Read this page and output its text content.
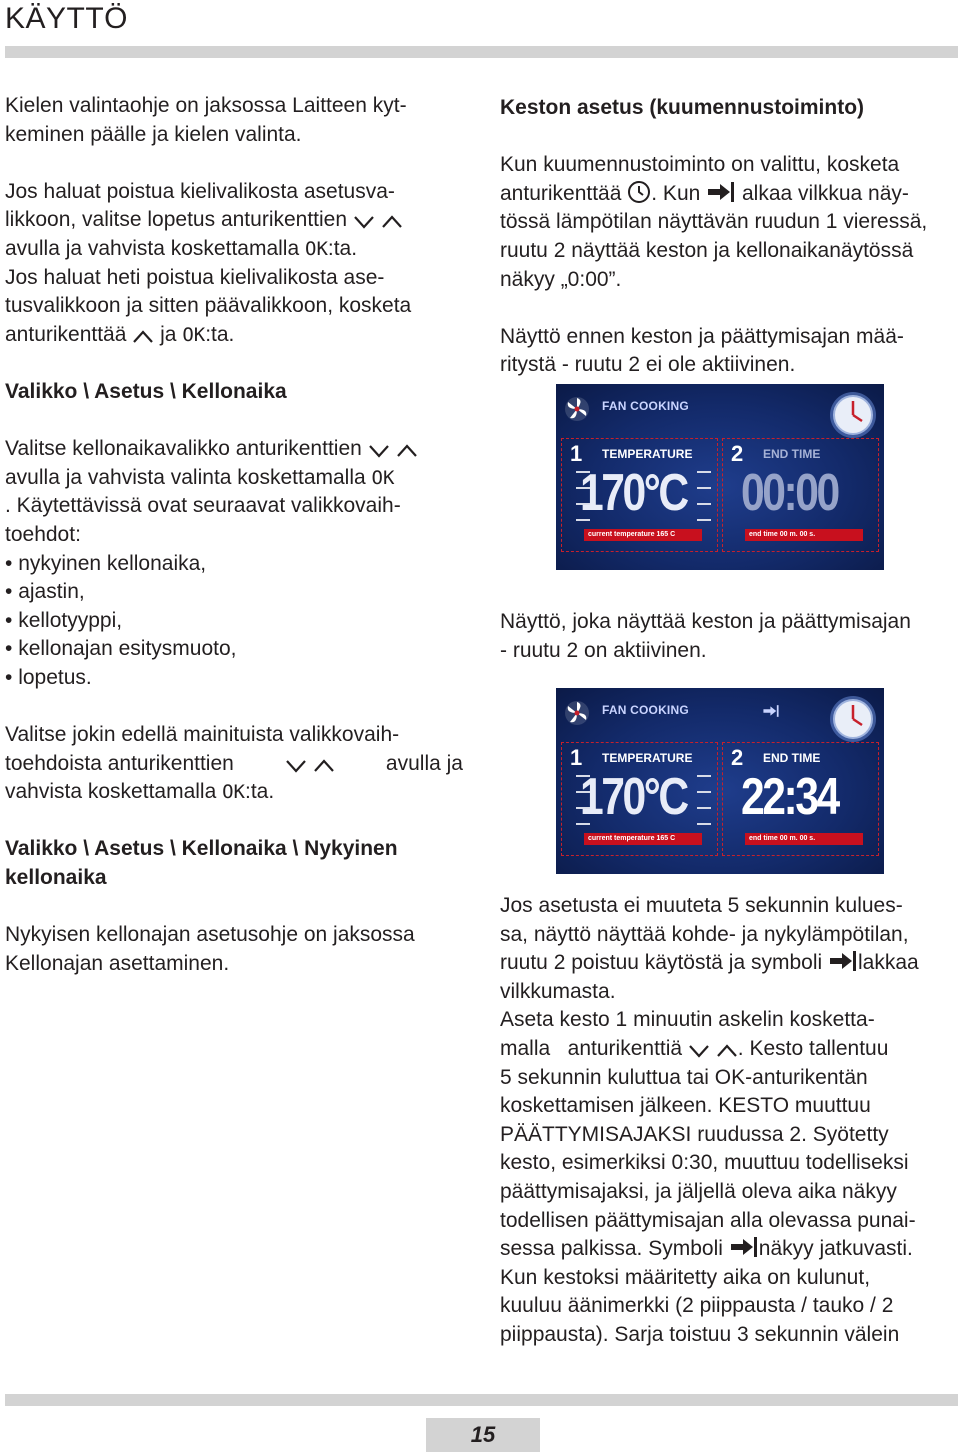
KÄYTTÖ
Kielen valintaohje on jaksossa Laitteen kyt-
keminen päälle ja kielen valinta.
Jos haluat poistua kielivalikosta asetusva-
likkoon, valitse lopetus anturikenttien
avulla ja vahvista koskettamalla OK:ta.
Jos haluat heti poistua kielivalikosta ase-
tusvalikkoon ja sitten päävalikkoon, kosketa
anturikenttää ja OK:ta.
Valikko \ Asetus \ Kellonaika
Valitse kellonaikavalikko anturikenttien
avulla ja vahvista valinta koskettamalla OK
. Käytettävissä ovat seuraavat valikkovaih-
toehdot:
• nykyinen kellonaika,
• ajastin,
• kellotyyppi,
• kellonajan esitysmuoto,
• lopetus.
Valitse jokin edellä mainituista valikkovaih-
toehdoista anturikenttien
	avulla ja
vahvista koskettamalla OK:ta.
Valikko \ Asetus \ Kellonaika \ Nykyinen
kellonaika
Nykyisen kellonajan asetusohje on jaksossa
Kellonajan asettaminen.
Keston asetus (kuumennustoiminto)
Kun kuumennustoiminto on valittu, kosketa
anturikenttää . Kun alkaa vilkkua näy-
tössä lämpötilan näyttävän ruudun 1 vieressä,
ruutu 2 näyttää keston ja kellonaikanäytössä
näkyy „0:00”.
Näyttö ennen keston ja päättymisajan mää-
ritystä - ruutu 2 ei ole aktiivinen.
Näyttö, joka näyttää keston ja päättymisajan
- ruutu 2 on aktiivinen.
Jos asetusta ei muuteta 5 sekunnin kulues-
sa, näyttö näyttää kohde- ja nykylämpötilan,
ruutu 2 poistuu käytöstä ja symboli lakkaa
vilkkumasta.
Aseta kesto 1 minuutin askelin kosketta-
malla   anturikenttiä	. Kesto tallentuu
5 sekunnin kuluttua tai OK-anturikentän
koskettamisen jälkeen. KESTO muuttuu
PÄÄTTYMISAJAKSI ruudussa 2. Syötetty
kesto, esimerkiksi 0:30, muuttuu todelliseksi
päättymisajaksi, ja jäljellä oleva aika näkyy
todellisen päättymisajan alla olevassa punai-
sessa palkissa. Symboli näkyy jatkuvasti.
Kun kestoksi määritetty aika on kulunut,
kuuluu äänimerkki (2 piippausta / tauko / 2
piippausta). Sarja toistuu 3 sekunnin välein
FAN COOKING
1 TEMPERATURE
170°C
current temperature 165 C
2 END TIME
00:00
end time 00 m. 00 s.
FAN COOKING
1 TEMPERATURE
170°C
current temperature 165 C
2 END TIME
22:34
end time 00 m. 00 s.
15
